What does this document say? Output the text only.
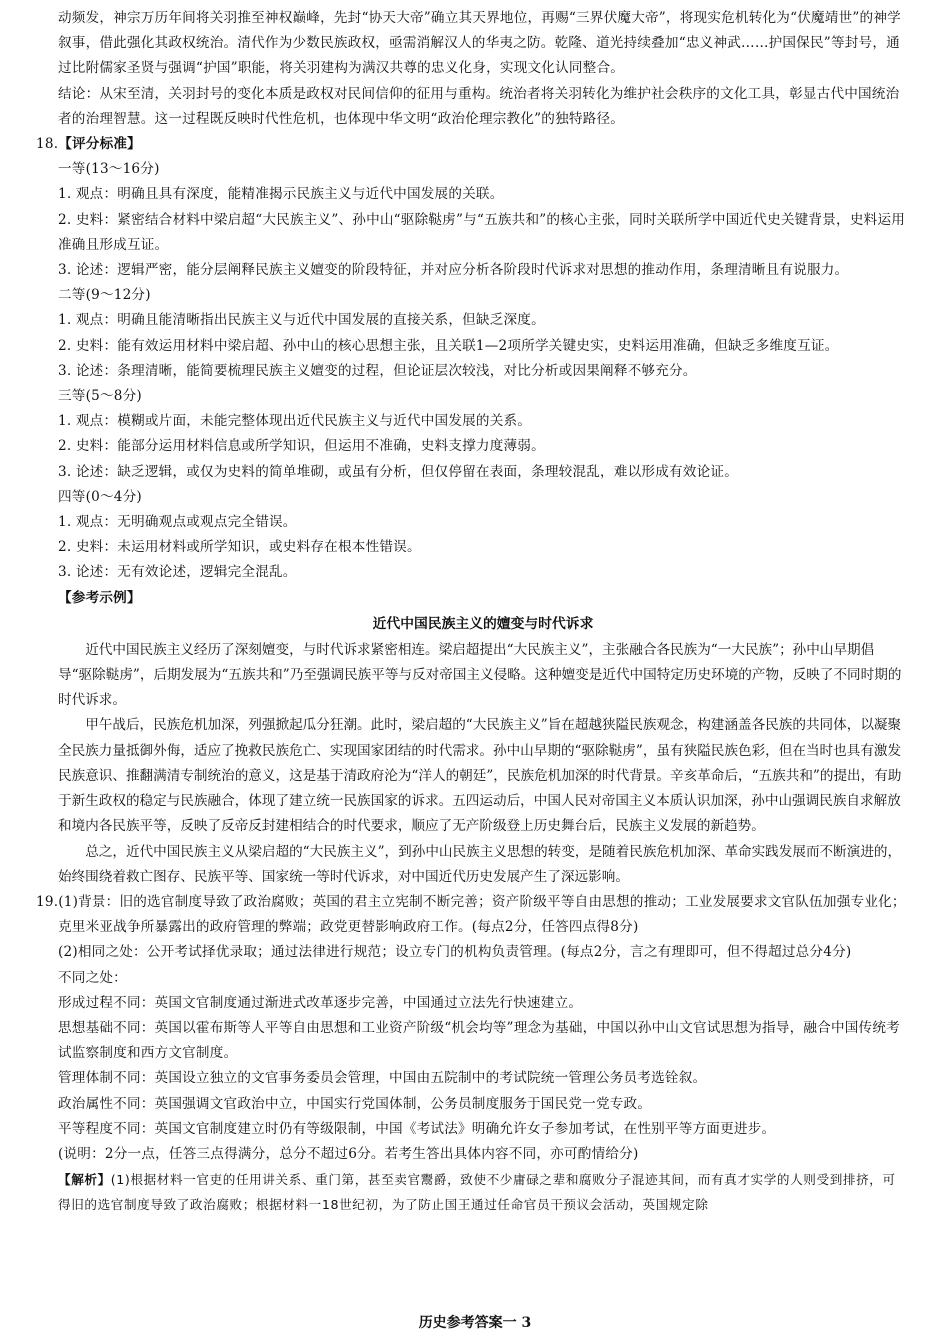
动频发，神宗万历年间将关羽推至神权巅峰，先封“协天大帝”确立其天界地位，再赐“三界伏魔大帝”，将现实危机转化为“伏魔靖世”的神学叙事，借此强化其政权统治。清代作为少数民族政权，亟需消解汉人的华夷之防。乾隆、道光持续叠加“忠义神武……护国保民”等封号，通过比附儒家圣贤与强调“护国”职能，将关羽建构为满汉共尊的忠义化身，实现文化认同整合。
结论：从宋至清，关羽封号的变化本质是政权对民间信仰的征用与重构。统治者将关羽转化为维护社会秩序的文化工具，彰显古代中国统治者的治理智慧。这一过程既反映时代性危机，也体现中华文明“政治伦理宗教化”的独特路径。
18.【评分标准】
一等(13～16分)
1. 观点：明确且具有深度，能精准揭示民族主义与近代中国发展的关联。
2. 史料：紧密结合材料中梁启超“大民族主义”、孙中山“驱除鞑虏”与“五族共和”的核心主张，同时关联所学中国近代史关键背景，史料运用准确且形成互证。
3. 论述：逻辑严密，能分层阐释民族主义嬗变的阶段特征，并对应分析各阶段时代诉求对思想的推动作用，条理清晰且有说服力。
二等(9～12分)
1. 观点：明确且能清晰指出民族主义与近代中国发展的直接关系，但缺乏深度。
2. 史料：能有效运用材料中梁启超、孙中山的核心思想主张，且关联1—2项所学关键史实，史料运用准确，但缺乏多维度互证。
3. 论述：条理清晰，能简要梳理民族主义嬗变的过程，但论证层次较浅，对比分析或因果阐释不够充分。
三等(5～8分)
1. 观点：模糊或片面，未能完整体现出近代民族主义与近代中国发展的关系。
2. 史料：能部分运用材料信息或所学知识，但运用不准确，史料支撑力度薄弱。
3. 论述：缺乏逻辑，或仅为史料的简单堆砌，或虽有分析，但仅停留在表面，条理较混乱，难以形成有效论证。
四等(0～4分)
1. 观点：无明确观点或观点完全错误。
2. 史料：未运用材料或所学知识，或史料存在根本性错误。
3. 论述：无有效论述，逻辑完全混乱。
【参考示例】
近代中国民族主义的嬗变与时代诉求
近代中国民族主义经历了深刻嬗变，与时代诉求紧密相连。梁启超提出“大民族主义”，主张融合各民族为“一大民族”；孙中山早期倡导“驱除鞑虏”，后期发展为“五族共和”乃至强调民族平等与反对帝国主义侵略。这种嬗变是近代中国特定历史环境的产物，反映了不同时期的时代诉求。
甲午战后，民族危机加深，列强掀起瓜分狂潮。此时，梁启超的“大民族主义”旨在超越狭隘民族观念，构建涵盖各民族的共同体，以凝聚全民族力量抵御外侮，适应了挽救民族危亡、实现国家团结的时代需求。孙中山早期的“驱除鞑虏”，虽有狭隘民族色彩，但在当时也具有激发民族意识、推翻满清专制统治的意义，这是基于清政府沦为“洋人的朝廷”，民族危机加深的时代背景。辛亥革命后，“五族共和”的提出，有助于新生政权的稳定与民族融合，体现了建立统一民族国家的诉求。五四运动后，中国人民对帝国主义本质认识加深，孙中山强调民族自求解放和境内各民族平等，反映了反帝反封建相结合的时代要求，顺应了无产阶级登上历史舞台后，民族主义发展的新趋势。
总之，近代中国民族主义从梁启超的“大民族主义”，到孙中山民族主义思想的转变，是随着民族危机加深、革命实践发展而不断演进的，始终围绕着救亡图存、民族平等、国家统一等时代诉求，对中国近代历史发展产生了深远影响。
19.(1)背景：旧的选官制度导致了政治腐败；英国的君主立宪制不断完善；资产阶级平等自由思想的推动；工业发展要求文官队伍加强专业化；克里米亚战争所暴露出的政府管理的弊端；政党更替影响政府工作。(每点2分，任答四点得8分)
(2)相同之处：公开考试择优录取；通过法律进行规范；设立专门的机构负责管理。(每点2分，言之有理即可，但不得超过总分4分)
不同之处：
形成过程不同：英国文官制度通过渐进式改革逐步完善，中国通过立法先行快速建立。
思想基础不同：英国以霍布斯等人平等自由思想和工业资产阶级“机会均等”理念为基础，中国以孙中山文官试思想为指导，融合中国传统考试监察制度和西方文官制度。
管理体制不同：英国设立独立的文官事务委员会管理，中国由五院制中的考试院统一管理公务员考选铨叙。
政治属性不同：英国强调文官政治中立，中国实行党国体制，公务员制度服务于国民党一党专政。
平等程度不同：英国文官制度建立时仍有等级限制，中国《考试法》明确允许女子参加考试，在性别平等方面更进步。
(说明：2分一点，任答三点得满分，总分不超过6分。若考生答出具体内容不同，亦可酌情给分)
【解析】(1)根据材料一官吏的任用讲关系、重门第，甚至卖官鬻爵，致使不少庸碌之辈和腐败分子混迹其间，而有真才实学的人则受到排挤，可得旧的选官制度导致了政治腐败；根据材料一18世纪初，为了防止国王通过任命官员干预议会活动，英国规定除
历史参考答案一 3
